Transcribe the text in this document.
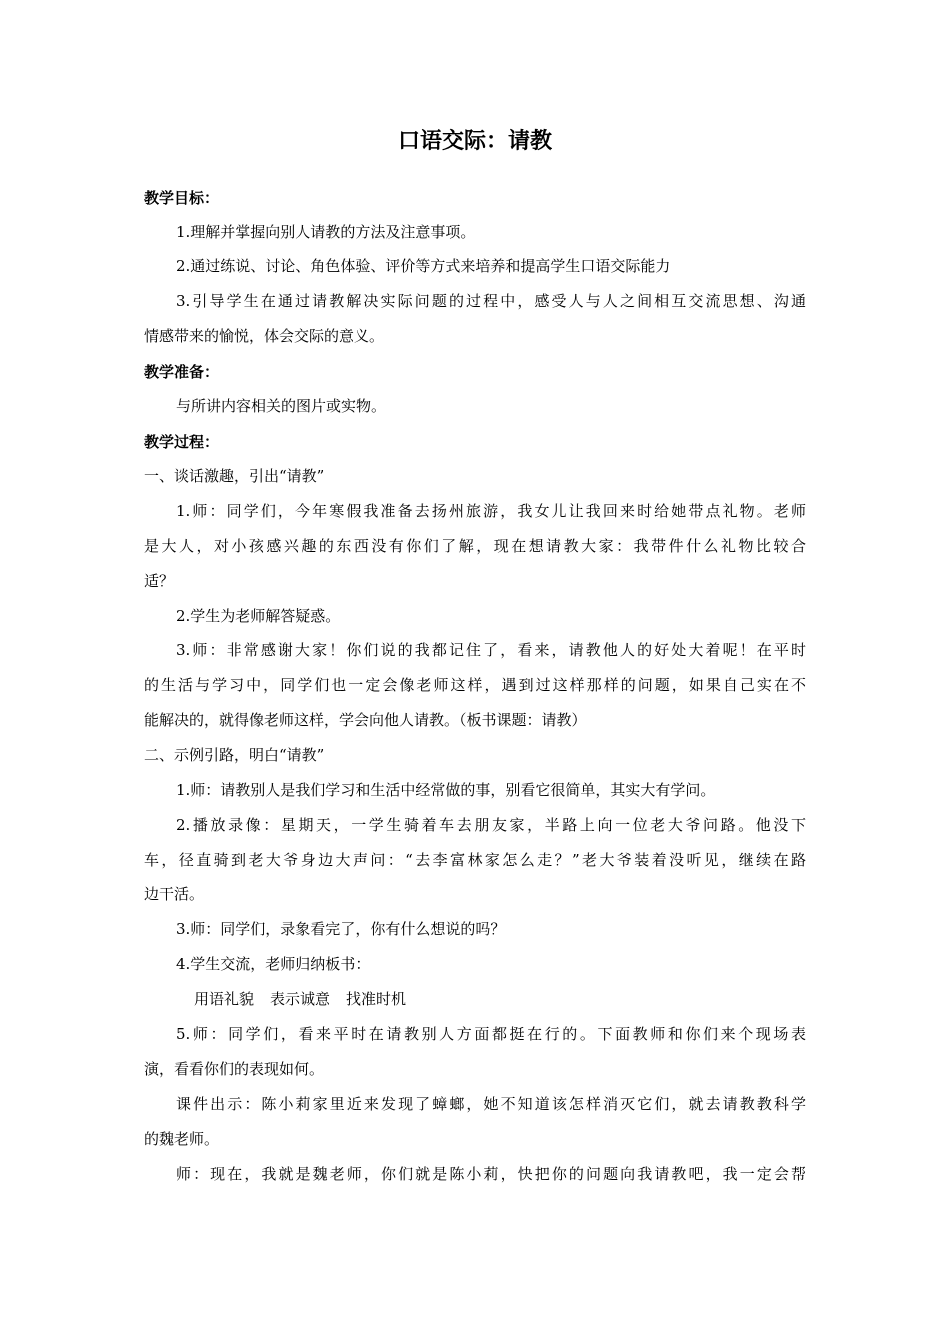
口语交际：请教
教学目标：
1.理解并掌握向别人请教的方法及注意事项。
2.通过练说、讨论、角色体验、评价等方式来培养和提高学生口语交际能力
3.引导学生在通过请教解决实际问题的过程中，感受人与人之间相互交流思想、沟通
情感带来的愉悦，体会交际的意义。
教学准备：
与所讲内容相关的图片或实物。
教学过程：
一、谈话激趣，引出“请教”
1.师：同学们，今年寒假我准备去扬州旅游，我女儿让我回来时给她带点礼物。老师
是大人，对小孩感兴趣的东西没有你们了解，现在想请教大家：我带件什么礼物比较合
适？
2.学生为老师解答疑惑。
3.师：非常感谢大家！你们说的我都记住了，看来，请教他人的好处大着呢！在平时
的生活与学习中，同学们也一定会像老师这样，遇到过这样那样的问题，如果自己实在不
能解决的，就得像老师这样，学会向他人请教。（板书课题：请教）
二、示例引路，明白“请教”
1.师：请教别人是我们学习和生活中经常做的事，别看它很简单，其实大有学问。
2.播放录像：星期天，一学生骑着车去朋友家，半路上向一位老大爷问路。他没下
车，径直骑到老大爷身边大声问：“去李富林家怎么走？”老大爷装着没听见，继续在路
边干活。
3.师：同学们，录象看完了，你有什么想说的吗？
4.学生交流，老师归纳板书：
用语礼貌 表示诚意 找准时机
5.师：同学们，看来平时在请教别人方面都挺在行的。下面教师和你们来个现场表
演，看看你们的表现如何。
课件出示：陈小莉家里近来发现了蟑螂，她不知道该怎样消灭它们，就去请教教科学
的魏老师。
师：现在，我就是魏老师，你们就是陈小莉，快把你的问题向我请教吧，我一定会帮
